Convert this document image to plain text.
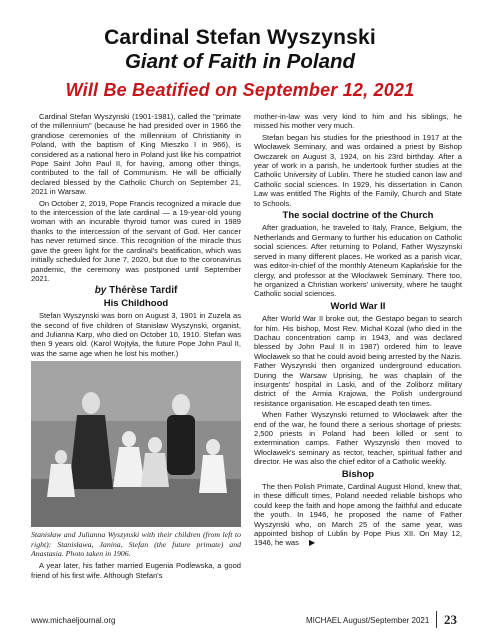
Cardinal Stefan Wyszynski
Giant of Faith in Poland
Will Be Beatified on September 12, 2021

Cardinal Stefan Wyszynski (1901-1981), called the "primate of the millennium" (because he had presided over in 1966 the grandiose ceremonies of the millennium of Christianity in Poland, with the baptism of King Mieszko I in 966), is considered as a national hero in Poland just like his compatriot Pope Saint John Paul II, for having, among other things, contributed to the fall of Communism. He will be officially declared blessed by the Catholic Church on September 21, 2021 in Warsaw.

On October 2, 2019, Pope Francis recognized a miracle due to the intercession of the late cardinal — a 19-year-old young woman with an incurable thyroid tumor was cured in 1989 thanks to the intercession of the servant of God. Her cancer has never returned since. This recognition of the miracle thus gave the green light for the cardinal's beatification, which was initially scheduled for June 7, 2020, but due to the coronavirus pandemic, the ceremony was postponed until September 2021.

by Thérèse Tardif
His Childhood

Stefan Wyszynski was born on August 3, 1901 in Zuzela as the second of five children of Stanisław Wyszynski, organist, and Julianna Karp, who died on October 10, 1910. Stefan was then 9 years old. (Karol Wojtyła, the future Pope John Paul II, was the same age when he lost his mother.)

Stanisław and Julianna Wyszynski with their children (from left to right): Stanisława, Janina, Stefan (the future primate) and Anastasia. Photo taken in 1906.

A year later, his father married Eugenia Podlewska, a good friend of his first wife. Although Stefan's

mother-in-law was very kind to him and his siblings, he missed his mother very much.

Stefan began his studies for the priesthood in 1917 at the Włocławek Seminary, and was ordained a priest by Bishop Owczarek on August 3, 1924, on his 23rd birthday. After a year of work in a parish, he undertook further studies at the Catholic University of Lublin. There he studied canon law and Catholic social sciences. In 1929, his dissertation in Canon Law was entitled The Rights of the Family, Church and State to Schools.

The social doctrine of the Church

After graduation, he traveled to Italy, France, Belgium, the Netherlands and Germany to further his education on Catholic social sciences. After returning to Poland, Father Wyszynski served in many different places. He worked as a parish vicar, was editor-in-chief of the monthly Ateneum Kapłańskie for the clergy, and professor at the Włocławek Seminary. There too, he organized a Christian workers' university, where he taught Catholic social sciences.

World War II

After World War II broke out, the Gestapo began to search for him. His bishop, Most Rev. Michał Kozal (who died in the Dachau concentration camp in 1943, and was declared blessed by John Paul II in 1987) ordered him to leave Włocławek so that he could avoid being arrested by the Nazis. Father Wyszynski then organized underground education. During the Warsaw Uprising, he was chaplain of the insurgents' hospital in Laski, and of the Zoliborz military district of the Armia Krajowa, the Polish underground resistance organisation. He escaped death ten times.

When Father Wyszynski returned to Włocławek after the end of the war, he found there a serious shortage of priests: 2,500 priests in Poland had been killed or sent to extermination camps. Father Wyszynski then moved to Włocławek's seminary as rector, teacher, spiritual father and director. He was also the chief editor of a Catholic weekly.

Bishop

The then Polish Primate, Cardinal August Hlond, knew that, in these difficult times, Poland needed reliable bishops who could keep the faith and hope among the faithful and educate the youth. In 1946, he proposed the name of Father Wyszynski who, on March 25 of the same year, was appointed bishop of Lublin by Pope Pius XII. On May 12, 1946, he was ▶

www.michaeljournal.org	MICHAEL August/September 2021 23
